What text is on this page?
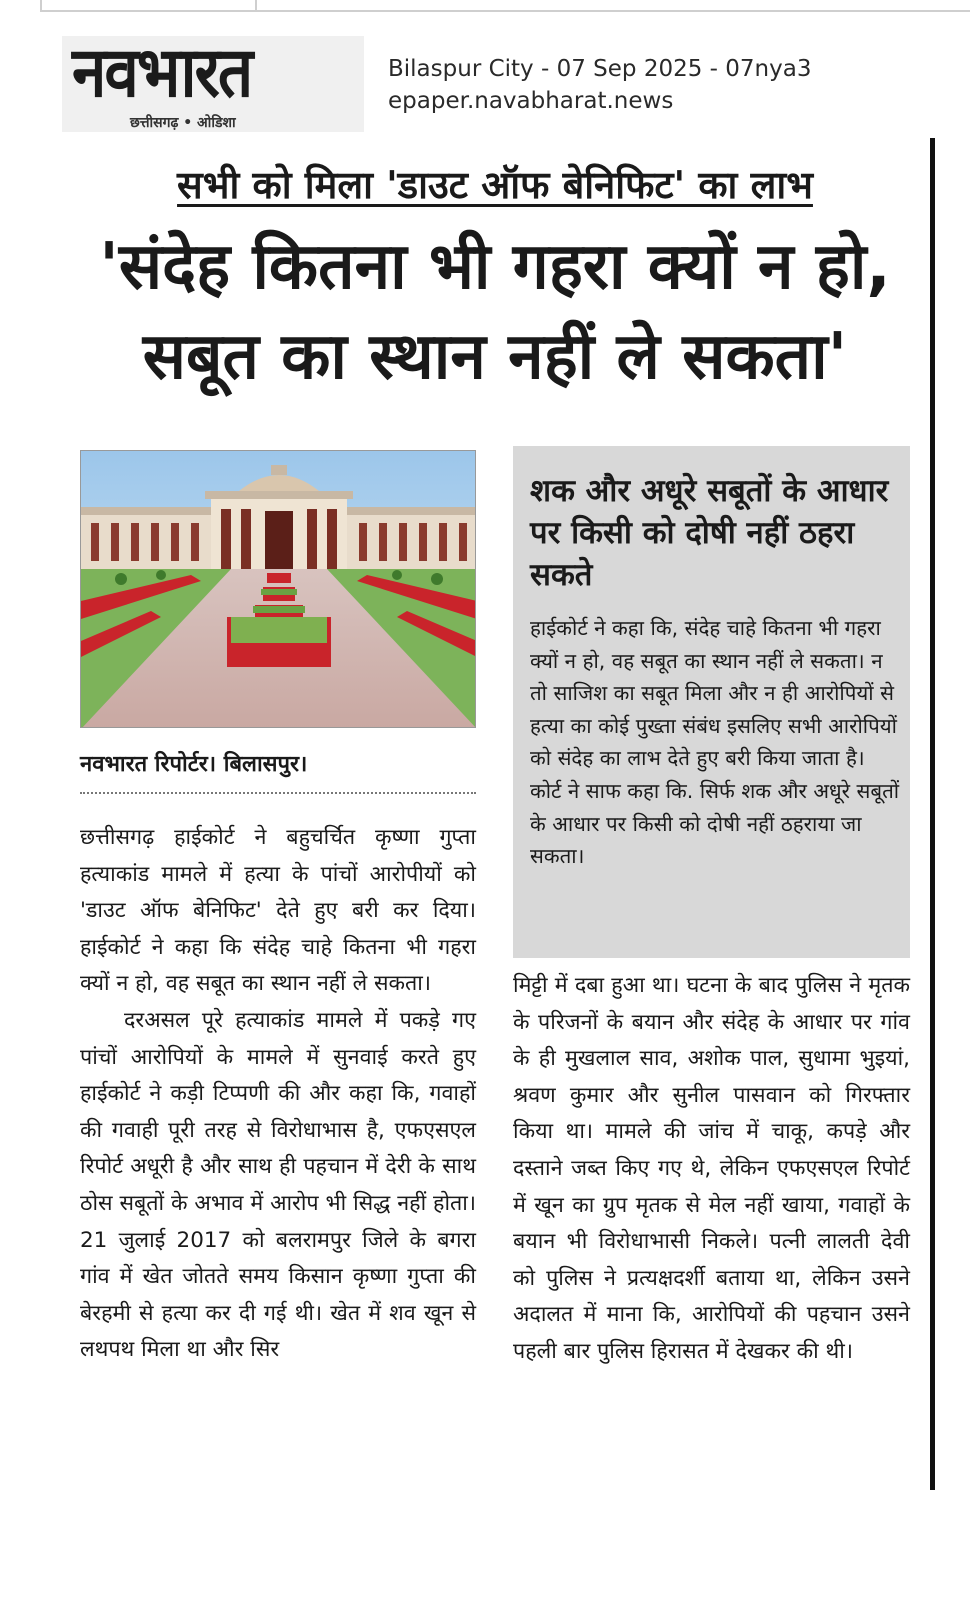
नवभारत
छत्तीसगढ़ • ओडिशा
Bilaspur City - 07 Sep 2025 - 07nya3
epaper.navabharat.news
सभी को मिला 'डाउट ऑफ बेनिफिट' का लाभ
'संदेह कितना भी गहरा क्यों न हो, सबूत का स्थान नहीं ले सकता'
नवभारत रिपोर्टर। बिलासपुर।

छत्तीसगढ़ हाईकोर्ट ने बहुचर्चित कृष्णा गुप्ता हत्याकांड मामले में हत्या के पांचों आरोपीयों को 'डाउट ऑफ बेनिफिट' देते हुए बरी कर दिया। हाईकोर्ट ने कहा कि संदेह चाहे कितना भी गहरा क्यों न हो, वह सबूत का स्थान नहीं ले सकता।

दरअसल पूरे हत्याकांड मामले में पकड़े गए पांचों आरोपियों के मामले में सुनवाई करते हुए हाईकोर्ट ने कड़ी टिप्पणी की और कहा कि, गवाहों की गवाही पूरी तरह से विरोधाभास है, एफएसएल रिपोर्ट अधूरी है और साथ ही पहचान में देरी के साथ ठोस सबूतों के अभाव में आरोप भी सिद्ध नहीं होता। 21 जुलाई 2017 को बलरामपुर जिले के बगरा गांव में खेत जोतते समय किसान कृष्णा गुप्ता की बेरहमी से हत्या कर दी गई थी। खेत में शव खून से लथपथ मिला था और सिर

शक और अधूरे सबूतों के आधार पर किसी को दोषी नहीं ठहरा सकते
हाईकोर्ट ने कहा कि, संदेह चाहे कितना भी गहरा क्यों न हो, वह सबूत का स्थान नहीं ले सकता। न तो साजिश का सबूत मिला और न ही आरोपियों से हत्या का कोई पुख्ता संबंध इसलिए सभी आरोपियों को संदेह का लाभ देते हुए बरी किया जाता है। कोर्ट ने साफ कहा कि. सिर्फ शक और अधूरे सबूतों के आधार पर किसी को दोषी नहीं ठहराया जा सकता।

मिट्टी में दबा हुआ था। घटना के बाद पुलिस ने मृतक के परिजनों के बयान और संदेह के आधार पर गांव के ही मुखलाल साव, अशोक पाल, सुधामा भुइयां, श्रवण कुमार और सुनील पासवान को गिरफ्तार किया था। मामले की जांच में चाकू, कपड़े और दस्ताने जब्त किए गए थे, लेकिन एफएसएल रिपोर्ट में खून का ग्रुप मृतक से मेल नहीं खाया, गवाहों के बयान भी विरोधाभासी निकले। पत्नी लालती देवी को पुलिस ने प्रत्यक्षदर्शी बताया था, लेकिन उसने अदालत में माना कि, आरोपियों की पहचान उसने पहली बार पुलिस हिरासत में देखकर की थी।
